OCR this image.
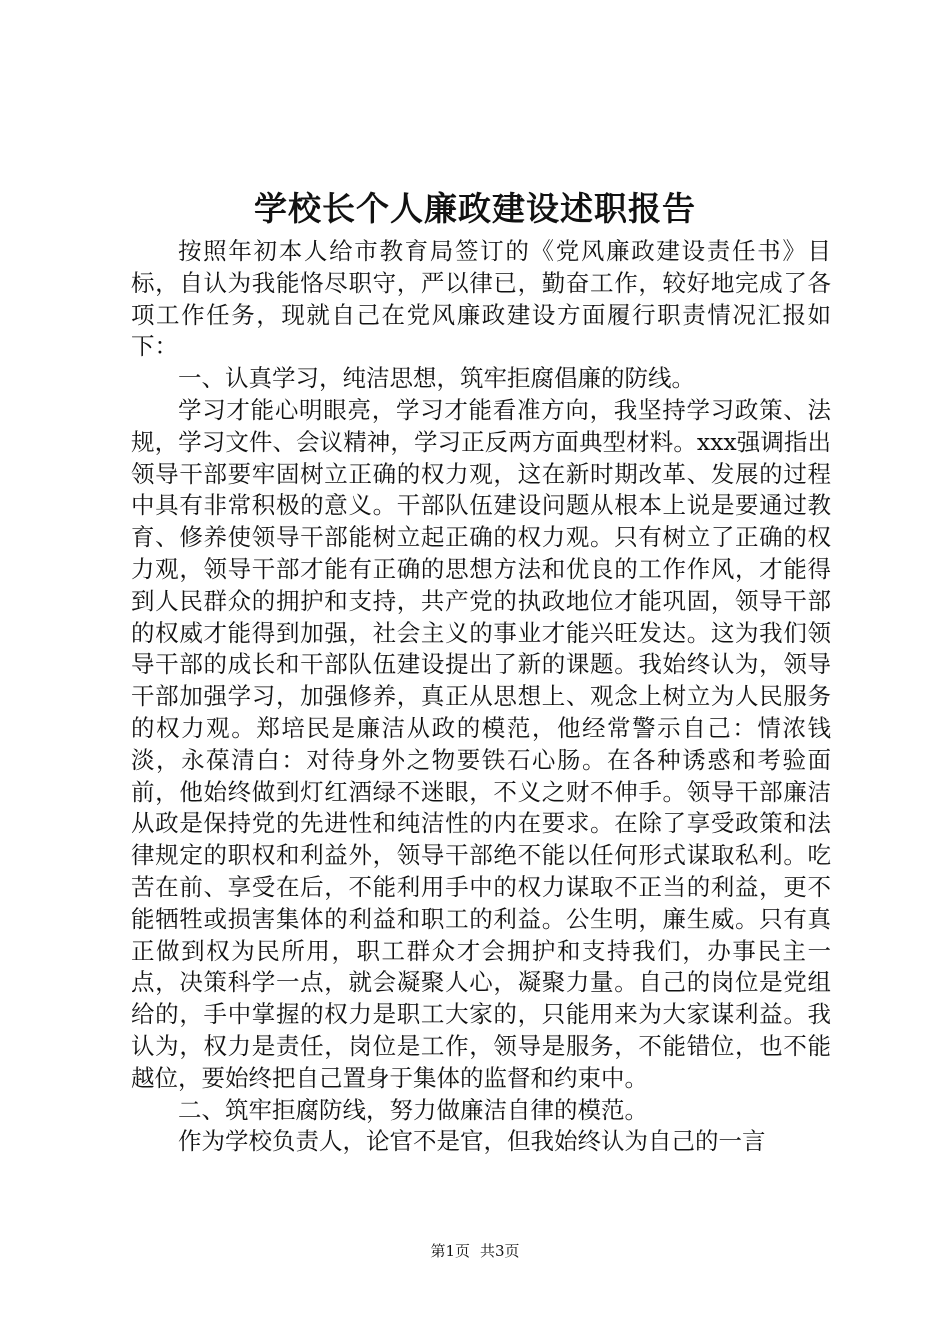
学校长个人廉政建设述职报告

按照年初本人给市教育局签订的《党风廉政建设责任书》目标，自认为我能恪尽职守，严以律已，勤奋工作，较好地完成了各项工作任务，现就自己在党风廉政建设方面履行职责情况汇报如下：

一、认真学习，纯洁思想，筑牢拒腐倡廉的防线。

学习才能心明眼亮，学习才能看准方向，我坚持学习政策、法规，学习文件、会议精神，学习正反两方面典型材料。xxx强调指出领导干部要牢固树立正确的权力观，这在新时期改革、发展的过程中具有非常积极的意义。干部队伍建设问题从根本上说是要通过教育、修养使领导干部能树立起正确的权力观。只有树立了正确的权力观，领导干部才能有正确的思想方法和优良的工作作风，才能得到人民群众的拥护和支持，共产党的执政地位才能巩固，领导干部的权威才能得到加强，社会主义的事业才能兴旺发达。这为我们领导干部的成长和干部队伍建设提出了新的课题。我始终认为，领导干部加强学习，加强修养，真正从思想上、观念上树立为人民服务的权力观。郑培民是廉洁从政的模范，他经常警示自己：情浓钱淡，永葆清白：对待身外之物要铁石心肠。在各种诱惑和考验面前，他始终做到灯红酒绿不迷眼，不义之财不伸手。领导干部廉洁从政是保持党的先进性和纯洁性的内在要求。在除了享受政策和法律规定的职权和利益外，领导干部绝不能以任何形式谋取私利。吃苦在前、享受在后，不能利用手中的权力谋取不正当的利益，更不能牺牲或损害集体的利益和职工的利益。公生明，廉生威。只有真正做到权为民所用，职工群众才会拥护和支持我们，办事民主一点，决策科学一点，就会凝聚人心，凝聚力量。自己的岗位是党组给的，手中掌握的权力是职工大家的，只能用来为大家谋利益。我认为，权力是责任，岗位是工作，领导是服务，不能错位，也不能越位，要始终把自己置身于集体的监督和约束中。

二、筑牢拒腐防线，努力做廉洁自律的模范。

作为学校负责人，论官不是官，但我始终认为自己的一言

第1页 共3页
